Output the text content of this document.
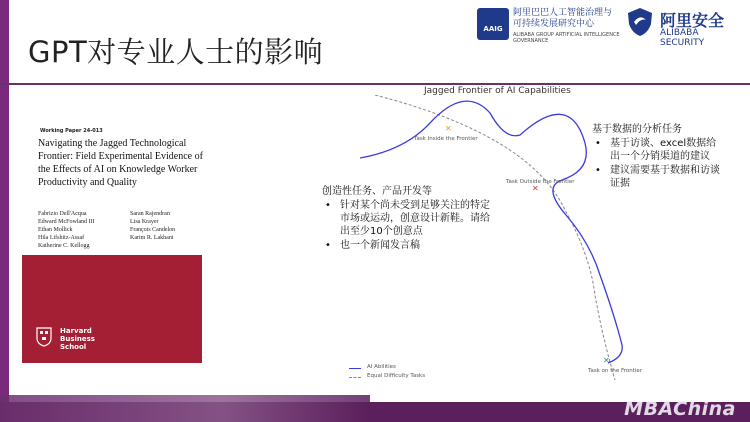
GPT对专业人士的影响
AAIG
阿里巴巴人工智能治理与可持续发展研究中心
ALIBABA GROUP ARTIFICIAL INTELLIGENCE GOVERNANCE
阿里安全
ALIBABA SECURITY
Working Paper 24-013
Navigating the Jagged Technological Frontier: Field Experimental Evidence of the Effects of AI on Knowledge Worker Productivity and Quality
Fabrizio Dell'Acqua
Edward McFowland III
Ethan Mollick
Hila Lifshitz-Assaf
Katherine C. Kellogg
Saran Rajendran
Lisa Krayer
François Candelon
Karim R. Lakhani
Harvard
Business
School
Jagged Frontier of AI Capabilities
✕
Task Inside the Frontier
✕
Task Outside the Frontier
✕
Task on the Frontier
AI Abilities
Equal Difficulty Tasks
创造性任务、产品开发等
• 针对某个尚未受到足够关注的特定市场或运动，创意设计新鞋。请给出至少10个创意点
• 也一个新闻发言稿
基于数据的分析任务
• 基于访谈、excel数据给出一个分销渠道的建议
• 建议需要基于数据和访谈证据
MBAChina
